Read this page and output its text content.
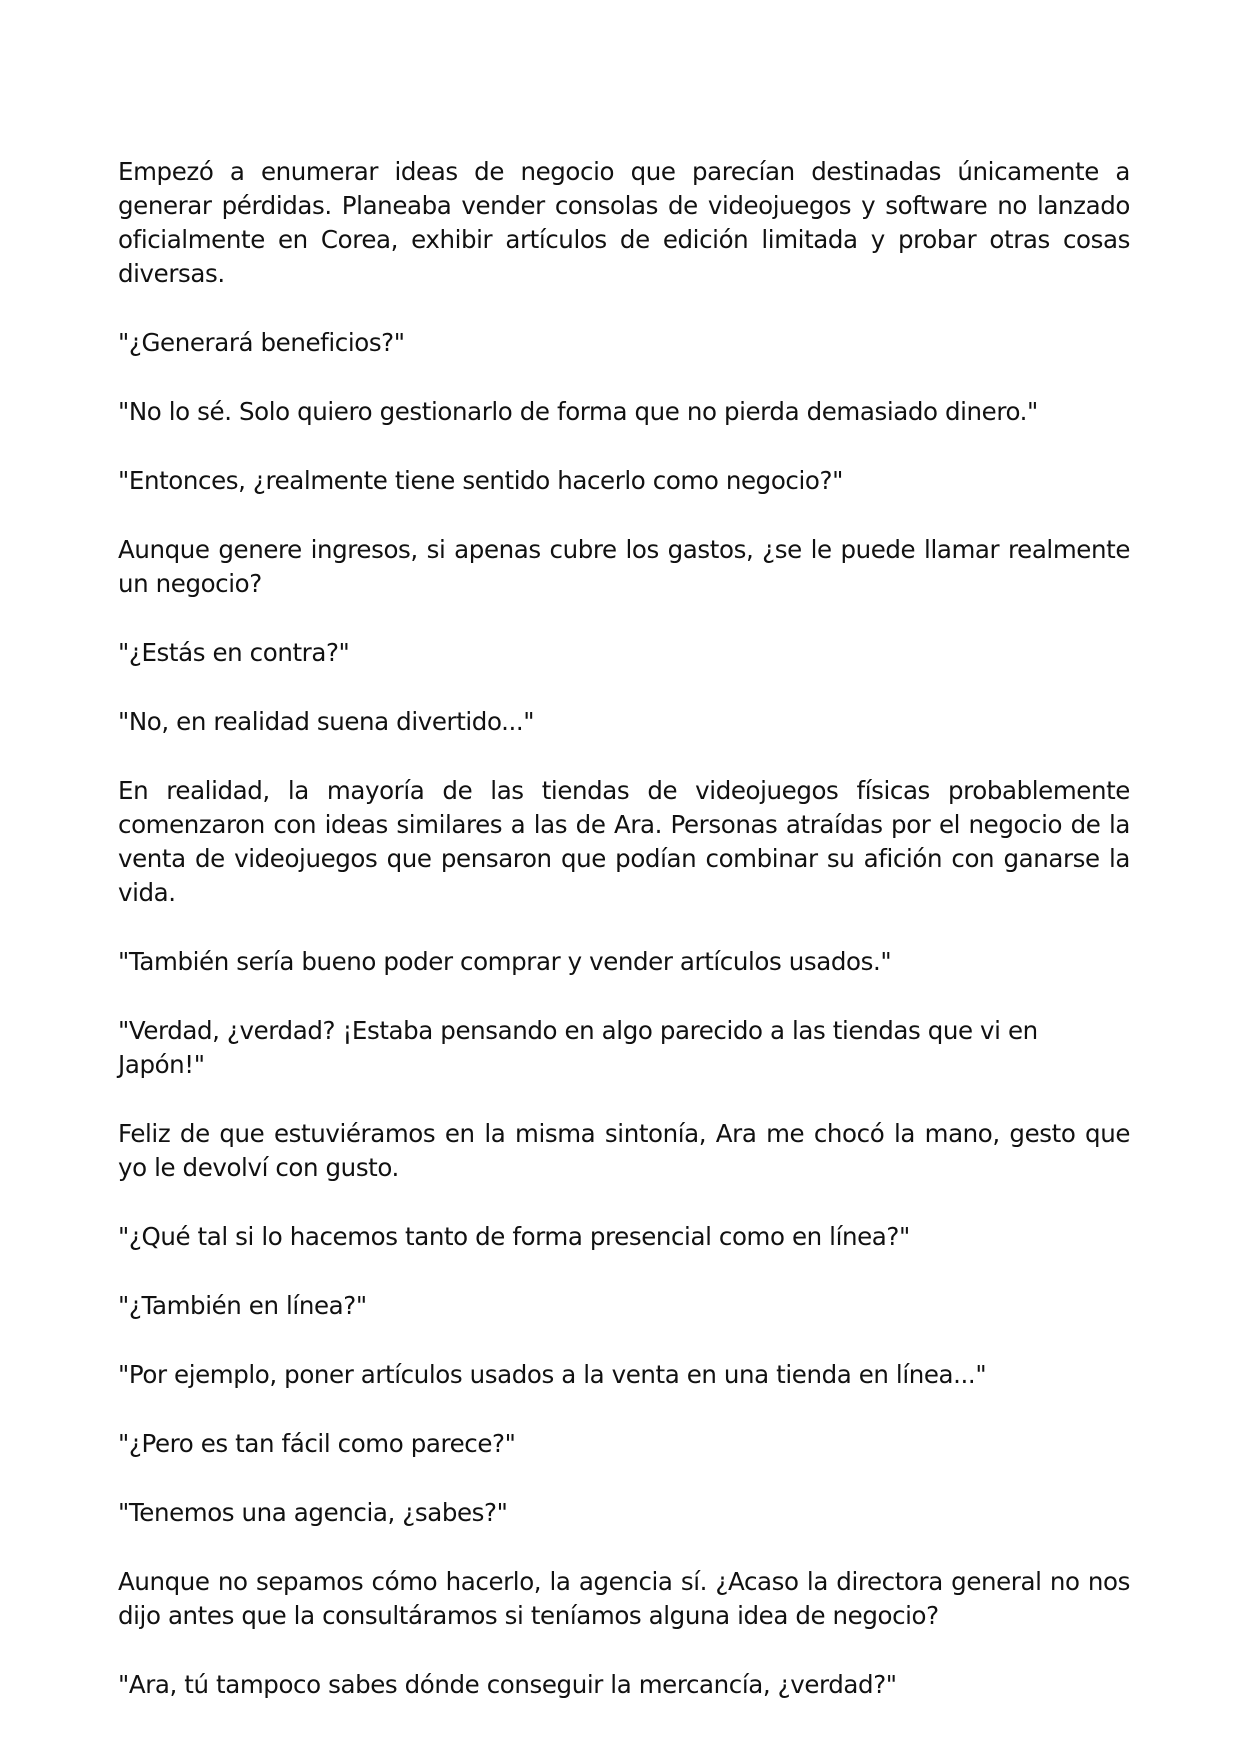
Empezó a enumerar ideas de negocio que parecían destinadas únicamente a generar pérdidas. Planeaba vender consolas de videojuegos y software no lanzado oficialmente en Corea, exhibir artículos de edición limitada y probar otras cosas diversas.

"¿Generará beneficios?"

"No lo sé. Solo quiero gestionarlo de forma que no pierda demasiado dinero."

"Entonces, ¿realmente tiene sentido hacerlo como negocio?"

Aunque genere ingresos, si apenas cubre los gastos, ¿se le puede llamar realmente un negocio?

"¿Estás en contra?"

"No, en realidad suena divertido..."

En realidad, la mayoría de las tiendas de videojuegos físicas probablemente comenzaron con ideas similares a las de Ara. Personas atraídas por el negocio de la venta de videojuegos que pensaron que podían combinar su afición con ganarse la vida.

"También sería bueno poder comprar y vender artículos usados."

"Verdad, ¿verdad? ¡Estaba pensando en algo parecido a las tiendas que vi en Japón!"

Feliz de que estuviéramos en la misma sintonía, Ara me chocó la mano, gesto que yo le devolví con gusto.

"¿Qué tal si lo hacemos tanto de forma presencial como en línea?"

"¿También en línea?"

"Por ejemplo, poner artículos usados a la venta en una tienda en línea..."

"¿Pero es tan fácil como parece?"

"Tenemos una agencia, ¿sabes?"

Aunque no sepamos cómo hacerlo, la agencia sí. ¿Acaso la directora general no nos dijo antes que la consultáramos si teníamos alguna idea de negocio?

"Ara, tú tampoco sabes dónde conseguir la mercancía, ¿verdad?"
